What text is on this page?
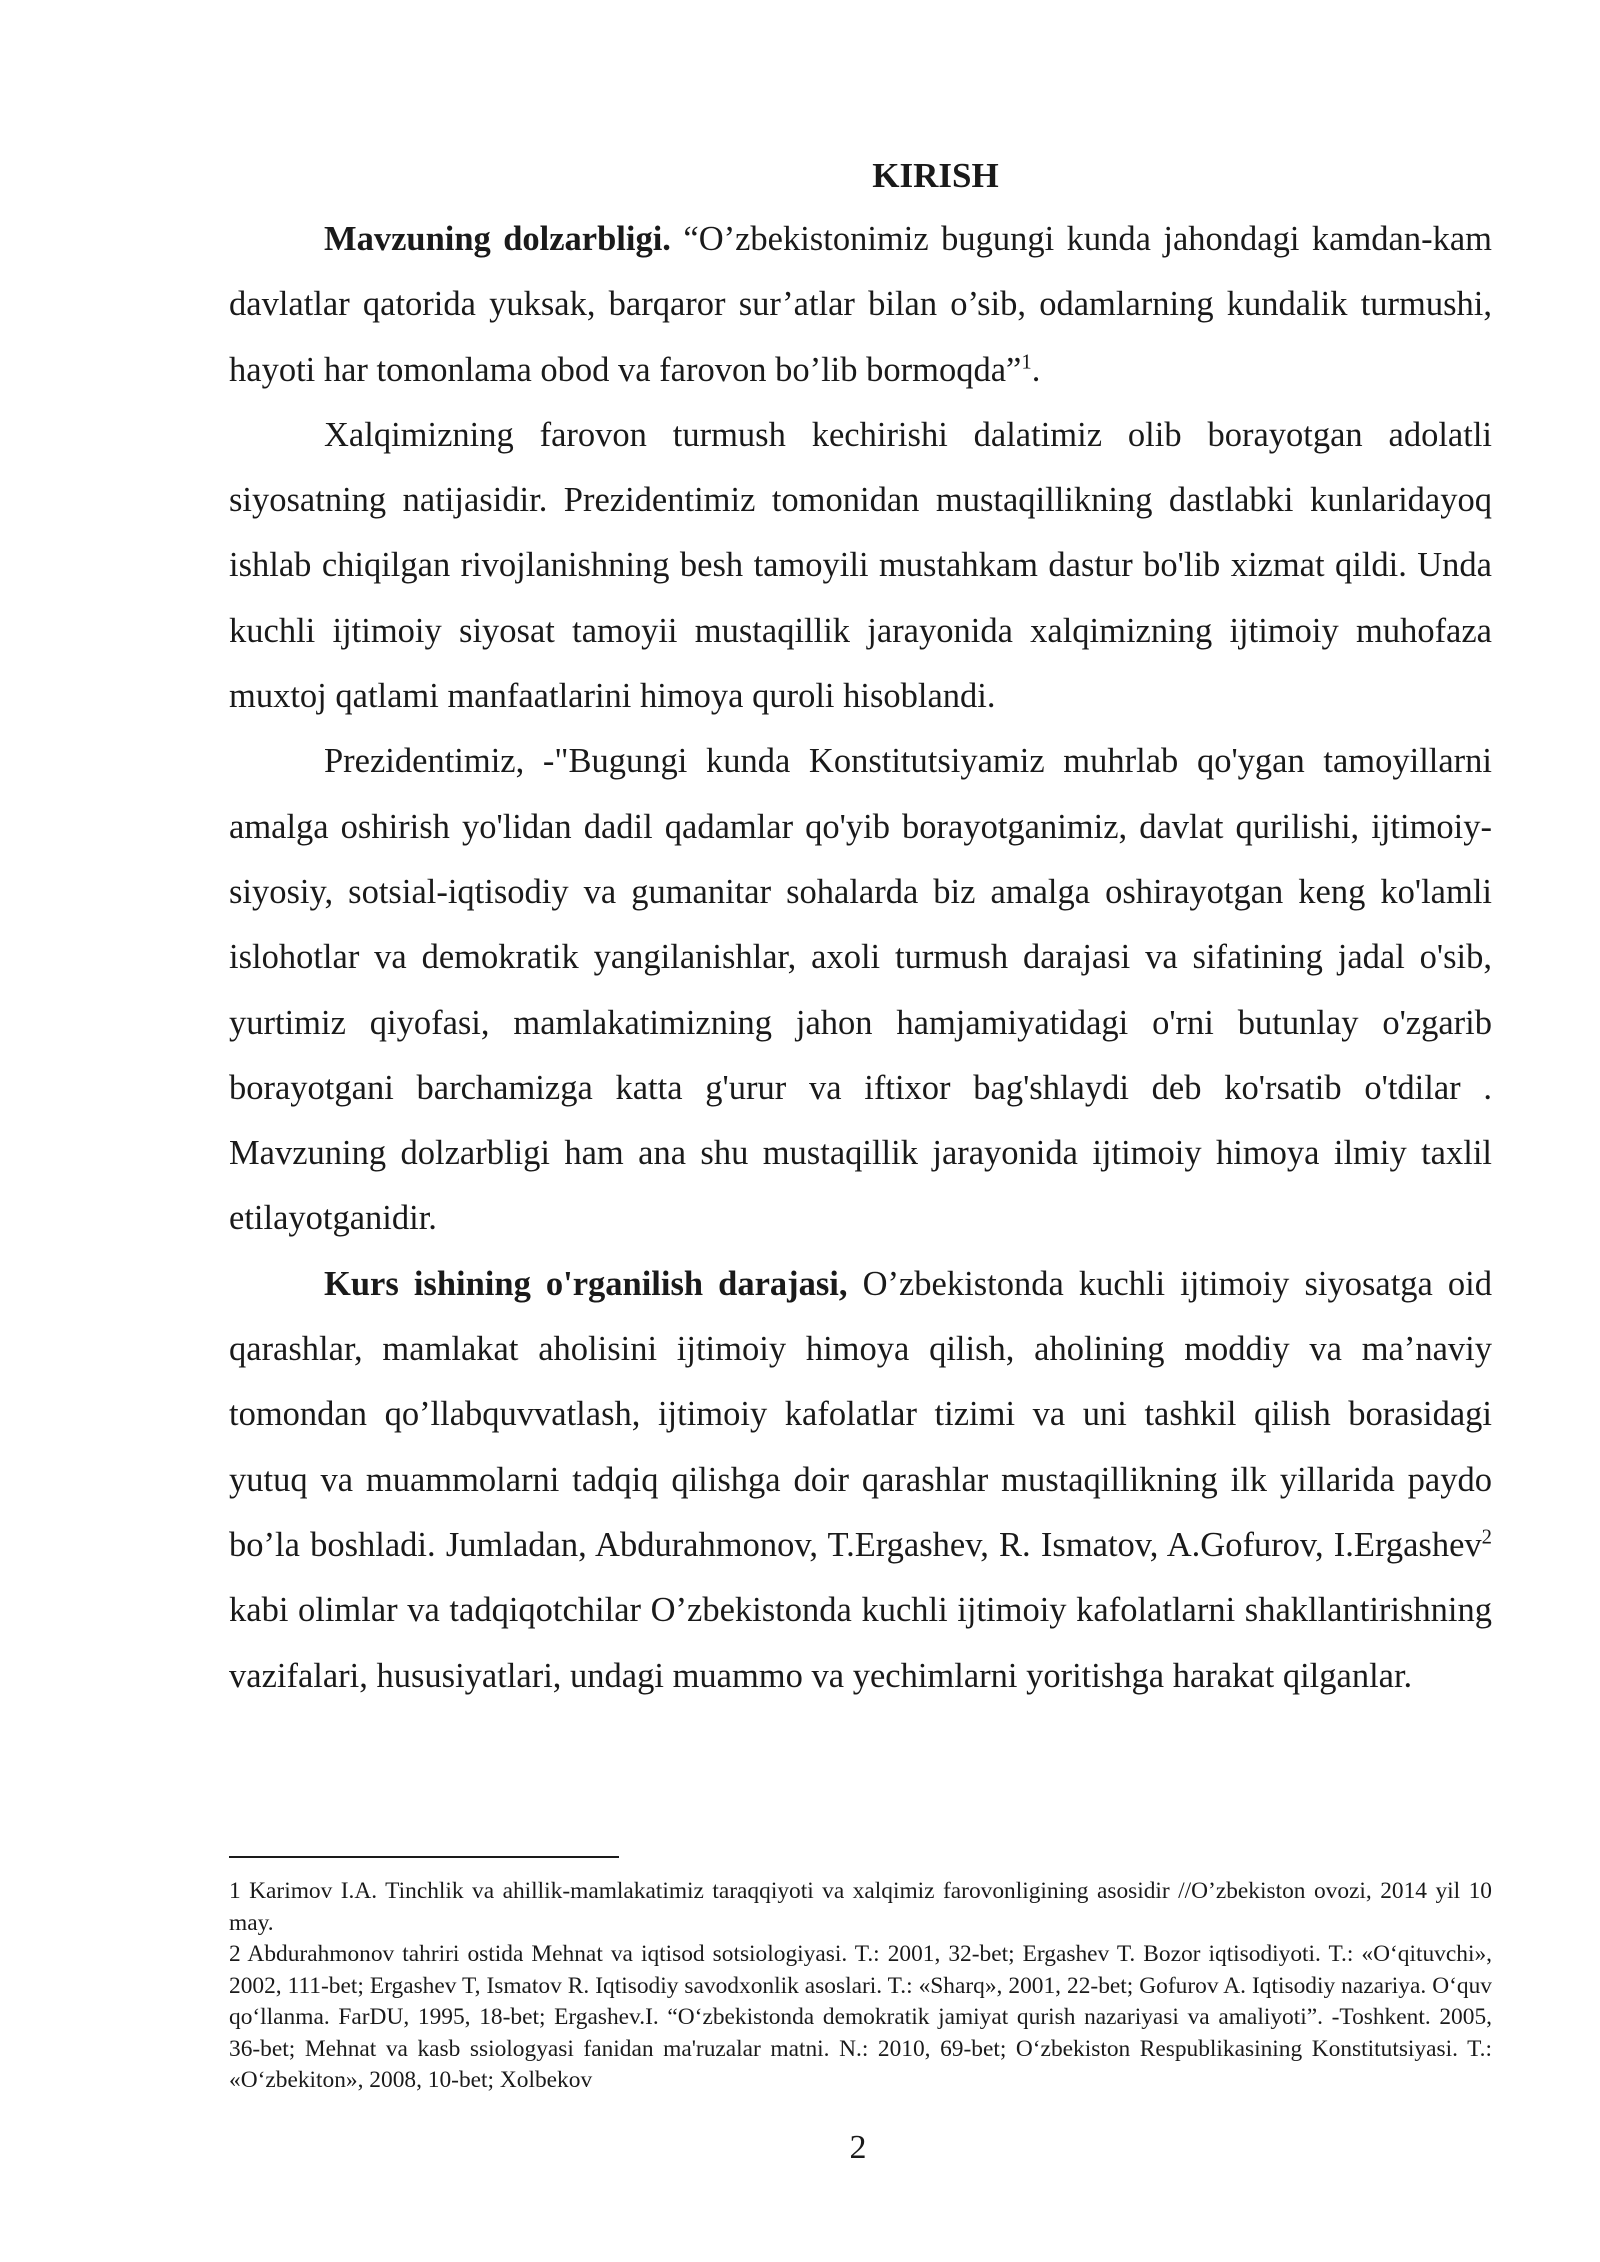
KIRISH

Mavzuning dolzarbligi. “O’zbekistonimiz bugungi kunda jahondagi kamdan-kam davlatlar qatorida yuksak, barqaror sur’atlar bilan o’sib, odamlarning kundalik turmushi, hayoti har tomonlama obod va farovon bo’lib bormoqda”$^1$.

Xalqimizning farovon turmush kechirishi dalatimiz olib borayotgan adolatli siyosatning natijasidir. Prezidentimiz tomonidan mustaqillikning dastlabki kunlaridayoq ishlab chiqilgan rivojlanishning besh tamoyili mustahkam dastur bo'lib xizmat qildi. Unda kuchli ijtimoiy siyosat tamoyii mustaqillik jarayonida xalqimizning ijtimoiy muhofaza muxtoj qatlami manfaatlarini himoya quroli hisoblandi.

Prezidentimiz, -"Bugungi kunda Konstitutsiyamiz muhrlab qo'ygan tamoyillarni amalga oshirish yo'lidan dadil qadamlar qo'yib borayotganimiz, davlat qurilishi, ijtimoiy-siyosiy, sotsial-iqtisodiy va gumanitar sohalarda biz amalga oshirayotgan keng ko'lamli islohotlar va demokratik yangilanishlar, axoli turmush darajasi va sifatining jadal o'sib, yurtimiz qiyofasi, mamlakatimizning jahon hamjamiyatidagi o'rni butunlay o'zgarib borayotgani barchamizga katta g'urur va iftixor bag'shlaydi deb ko'rsatib o'tdilar . Mavzuning dolzarbligi ham ana shu mustaqillik jarayonida ijtimoiy himoya ilmiy taxlil etilayotganidir.

Kurs ishining o'rganilish darajasi, O’zbekistonda kuchli ijtimoiy siyosatga oid qarashlar, mamlakat aholisini ijtimoiy himoya qilish, aholining moddiy va ma’naviy tomondan qo’llabquvvatlash, ijtimoiy kafolatlar tizimi va uni tashkil qilish borasidagi yutuq va muammolarni tadqiq qilishga doir qarashlar mustaqillikning ilk yillarida paydo bo’la boshladi. Jumladan, Abdurahmonov, T.Ergashev, R. Ismatov, A.Gofurov, I.Ergashev$^2$ kabi olimlar va tadqiqotchilar O’zbekistonda kuchli ijtimoiy kafolatlarni shakllantirishning vazifalari, hususiyatlari, undagi muammo va yechimlarni yoritishga harakat qilganlar.

1 Karimov I.A. Tinchlik va ahillik-mamlakatimiz taraqqiyoti va xalqimiz farovonligining asosidir //O’zbekiston ovozi, 2014 yil 10 may.

2 Abdurahmonov tahriri ostida Mehnat va iqtisod sotsiologiyasi. T.: 2001, 32-bet; Ergashev T. Bozor iqtisodiyoti. T.: «O‘qituvchi», 2002, 111-bet; Ergashev T, Ismatov R. Iqtisodiy savodxonlik asoslari. T.: «Sharq», 2001, 22-bet; Gofurov A. Iqtisodiy nazariya. O‘quv qo‘llanma. FarDU, 1995, 18-bet; Ergashev.I. “O‘zbekistonda demokratik jamiyat qurish nazariyasi va amaliyoti”. -Toshkent. 2005, 36-bet; Mehnat va kasb ssiologyasi fanidan ma'ruzalar matni. N.: 2010, 69-bet; O‘zbekiston Respublikasining Konstitutsiyasi. T.: «O‘zbekiton», 2008, 10-bet; Xolbekov

2
